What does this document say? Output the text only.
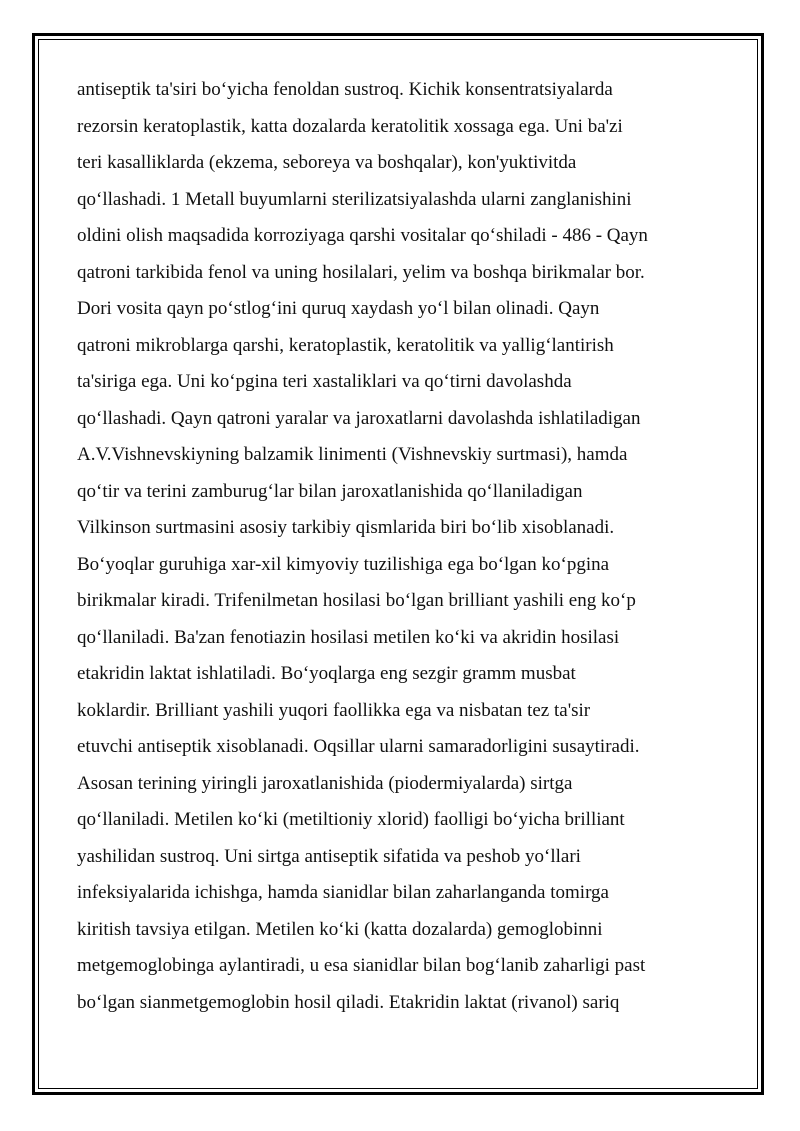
antiseptik ta'siri bo‘yicha fenoldan sustroq. Kichik konsentratsiyalarda
rezorsin keratoplastik, katta dozalarda keratolitik xossaga ega. Uni ba'zi
teri kasalliklarda (ekzema, seboreya va boshqalar), kon'yuktivitda
qo‘llashadi. 1 Metall buyumlarni sterilizatsiyalashda ularni zanglanishini
oldini olish maqsadida korroziyaga qarshi vositalar qo‘shiladi - 486 - Qayn
qatroni tarkibida fenol va uning hosilalari, yelim va boshqa birikmalar bor.
Dori vosita qayn po‘stlog‘ini quruq xaydash yo‘l bilan olinadi. Qayn
qatroni mikroblarga qarshi, keratoplastik, keratolitik va yallig‘lantirish
ta'siriga ega. Uni ko‘pgina teri xastaliklari va qo‘tirni davolashda
qo‘llashadi. Qayn qatroni yaralar va jaroxatlarni davolashda ishlatiladigan
A.V.Vishnevskiyning balzamik linimenti (Vishnevskiy surtmasi), hamda
qo‘tir va terini zamburug‘lar bilan jaroxatlanishida qo‘llaniladigan
Vilkinson surtmasini asosiy tarkibiy qismlarida biri bo‘lib xisoblanadi.
Bo‘yoqlar guruhiga xar-xil kimyoviy tuzilishiga ega bo‘lgan ko‘pgina
birikmalar kiradi. Trifenilmetan hosilasi bo‘lgan brilliant yashili eng ko‘p
qo‘llaniladi. Ba'zan fenotiazin hosilasi metilen ko‘ki va akridin hosilasi
etakridin laktat ishlatiladi. Bo‘yoqlarga eng sezgir gramm musbat
koklardir. Brilliant yashili yuqori faollikka ega va nisbatan tez ta'sir
etuvchi antiseptik xisoblanadi. Oqsillar ularni samaradorligini susaytiradi.
Asosan terining yiringli jaroxatlanishida (piodermiyalarda) sirtga
qo‘llaniladi. Metilen ko‘ki (metiltioniy xlorid) faolligi bo‘yicha brilliant
yashilidan sustroq. Uni sirtga antiseptik sifatida va peshob yo‘llari
infeksiyalarida ichishga, hamda sianidlar bilan zaharlanganda tomirga
kiritish tavsiya etilgan. Metilen ko‘ki (katta dozalarda) gemoglobinni
metgemoglobinga aylantiradi, u esa sianidlar bilan bog‘lanib zaharligi past
bo‘lgan sianmetgemoglobin hosil qiladi. Etakridin laktat (rivanol) sariq
